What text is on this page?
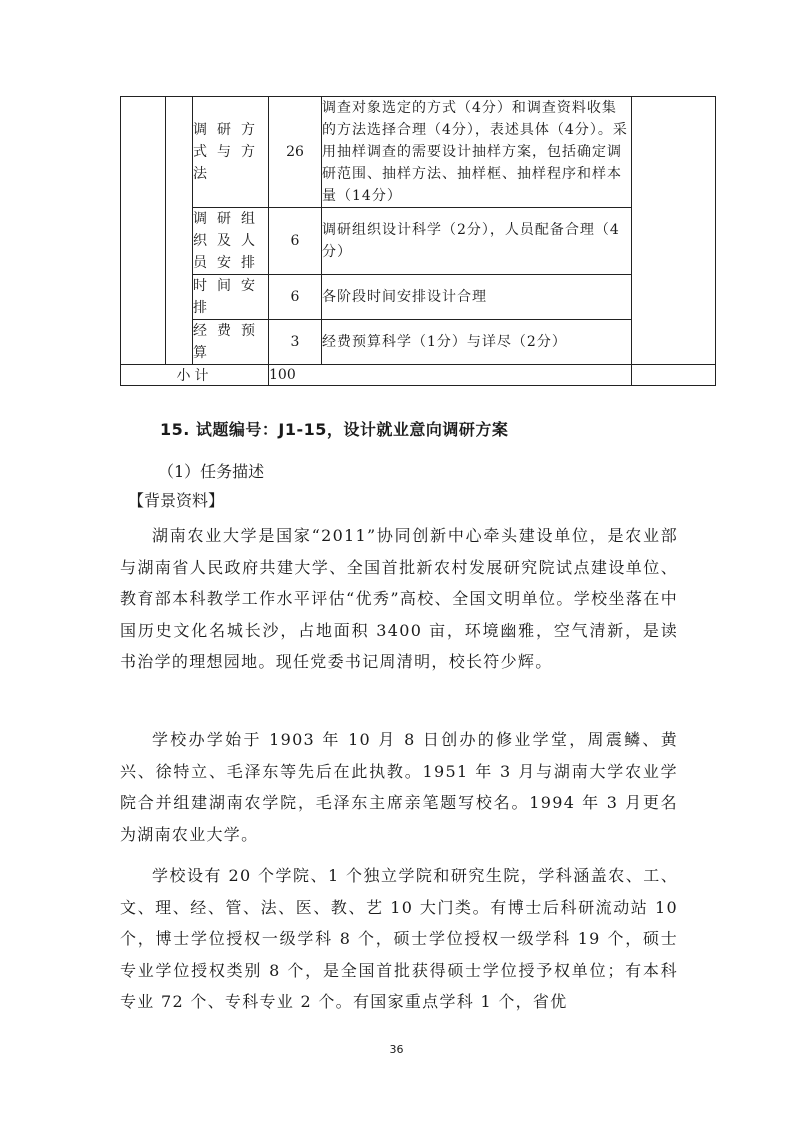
		调研方式与方法	26	调查对象选定的方式（4分）和调查资料收集的方法选择合理（4分），表述具体（4分）。采用抽样调查的需要设计抽样方案，包括确定调研范围、抽样方法、抽样框、抽样程序和样本量（14分）	
		调研组织及人员安排	6	调研组织设计科学（2分），人员配备合理（4分）	
		时间安排	6	各阶段时间安排设计合理	
		经费预算	3	经费预算科学（1分）与详尽（2分）	
小计			100		
15. 试题编号：J1-15，设计就业意向调研方案
（1）任务描述
【背景资料】

湖南农业大学是国家“2011”协同创新中心牵头建设单位，是农业部与湖南省人民政府共建大学、全国首批新农村发展研究院试点建设单位、教育部本科教学工作水平评估“优秀”高校、全国文明单位。学校坐落在中国历史文化名城长沙，占地面积 3400 亩，环境幽雅，空气清新，是读书治学的理想园地。现任党委书记周清明，校长符少辉。

学校办学始于 1903 年 10 月 8 日创办的修业学堂，周震鳞、黄兴、徐特立、毛泽东等先后在此执教。1951 年 3 月与湖南大学农业学院合并组建湖南农学院，毛泽东主席亲笔题写校名。1994 年 3 月更名为湖南农业大学。

学校设有 20 个学院、1 个独立学院和研究生院，学科涵盖农、工、文、理、经、管、法、医、教、艺 10 大门类。有博士后科研流动站 10 个，博士学位授权一级学科 8 个，硕士学位授权一级学科 19 个，硕士专业学位授权类别 8 个，是全国首批获得硕士学位授予权单位；有本科专业 72 个、专科专业 2 个。有国家重点学科 1 个，省优

36
